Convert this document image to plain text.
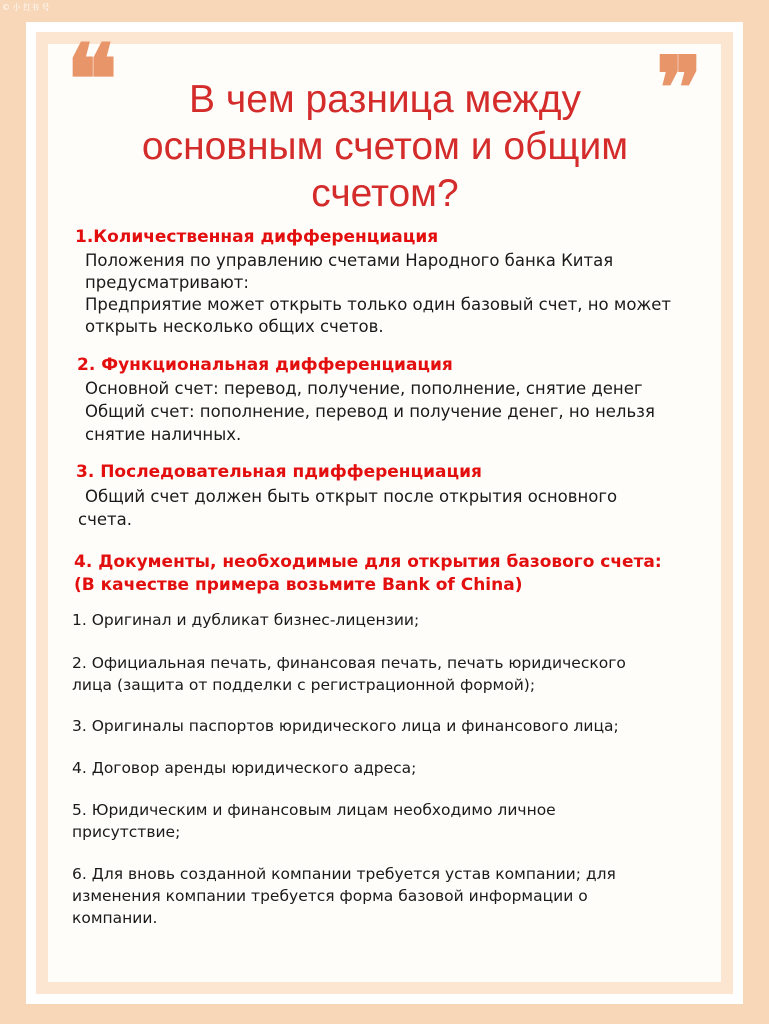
© 小 红书 号
❝	❞
В чем разница между
основным счетом и общим
счетом?
1.Количественная дифференциация
Положения по управлению счетами Народного банка Китая
предусматривают:
Предприятие может открыть только один базовый счет, но может
открыть несколько общих счетов.
2. Функциональная дифференциация
Основной счет: перевод, получение, пополнение, снятие денег
Общий счет: пополнение, перевод и получение денег, но нельзя
снятие наличных.
3. Последовательная пдифференциация
Общий счет должен быть открыт после открытия основного
счета.
4. Документы, необходимые для открытия базового счета:
(В качестве примера возьмите Bank of China)
1. Оригинал и дубликат бизнес-лицензии;
2. Официальная печать, финансовая печать, печать юридического
лица (защита от подделки с регистрационной формой);
3. Оригиналы паспортов юридического лица и финансового лица;
4. Договор аренды юридического адреса;
5. Юридическим и финансовым лицам необходимо личное
присутствие;
6. Для вновь созданной компании требуется устав компании; для
изменения компании требуется форма базовой информации о
компании.
